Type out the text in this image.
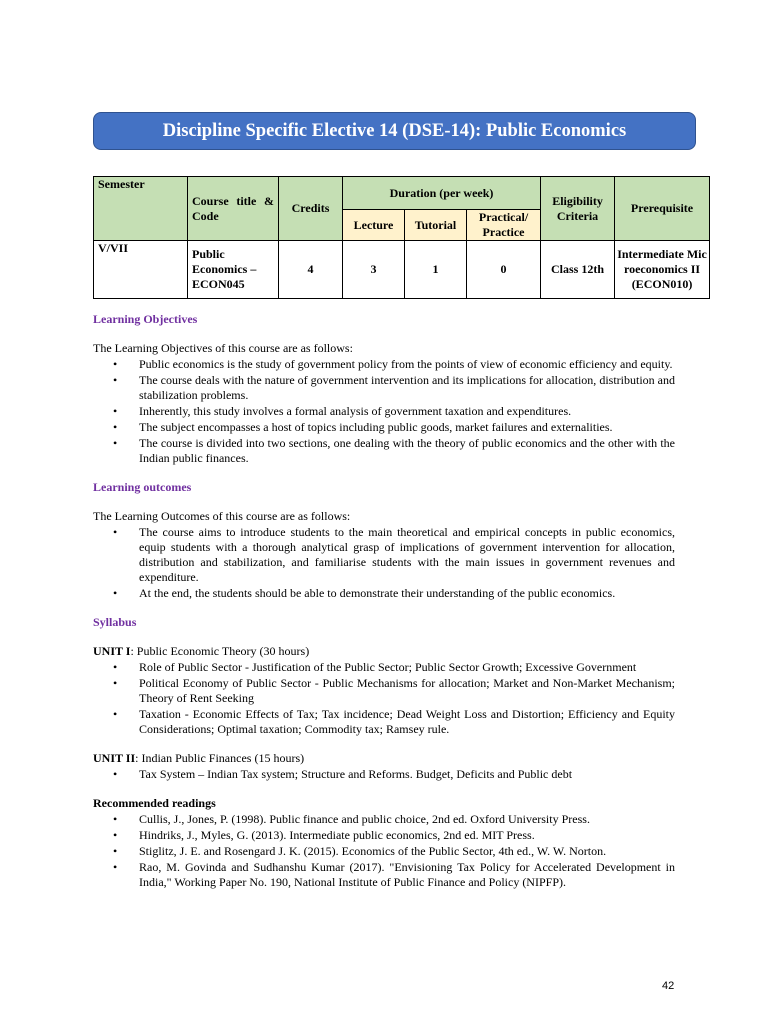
Discipline Specific Elective 14 (DSE-14): Public Economics
Semester	Course title & Code	Credits	Duration (per week)			Eligibility Criteria	Prerequisite
			Lecture	Tutorial	Practical/ Practice		
V/VII	Public Economics – ECON045	4	3	1	0	Class 12th	Intermediate Microeconomics II (ECON010)
Learning Objectives
The Learning Objectives of this course are as follows:
• Public economics is the study of government policy from the points of view of economic efficiency and equity.
• The course deals with the nature of government intervention and its implications for allocation, distribution and stabilization problems.
• Inherently, this study involves a formal analysis of government taxation and expenditures.
• The subject encompasses a host of topics including public goods, market failures and externalities.
• The course is divided into two sections, one dealing with the theory of public economics and the other with the Indian public finances.
Learning outcomes
The Learning Outcomes of this course are as follows:
• The course aims to introduce students to the main theoretical and empirical concepts in public economics, equip students with a thorough analytical grasp of implications of government intervention for allocation, distribution and stabilization, and familiarise students with the main issues in government revenues and expenditure.
• At the end, the students should be able to demonstrate their understanding of the public economics.
Syllabus
UNIT I: Public Economic Theory (30 hours)
• Role of Public Sector - Justification of the Public Sector; Public Sector Growth; Excessive Government
• Political Economy of Public Sector - Public Mechanisms for allocation; Market and Non-Market Mechanism; Theory of Rent Seeking
• Taxation - Economic Effects of Tax; Tax incidence; Dead Weight Loss and Distortion; Efficiency and Equity Considerations; Optimal taxation; Commodity tax; Ramsey rule.
UNIT II: Indian Public Finances (15 hours)
• Tax System – Indian Tax system; Structure and Reforms. Budget, Deficits and Public debt
Recommended readings
• Cullis, J., Jones, P. (1998). Public finance and public choice, 2nd ed. Oxford University Press.
• Hindriks, J., Myles, G. (2013). Intermediate public economics, 2nd ed. MIT Press.
• Stiglitz, J. E. and Rosengard J. K. (2015). Economics of the Public Sector, 4th ed., W. W. Norton.
• Rao, M. Govinda and Sudhanshu Kumar (2017). "Envisioning Tax Policy for Accelerated Development in India," Working Paper No. 190, National Institute of Public Finance and Policy (NIPFP).
42
